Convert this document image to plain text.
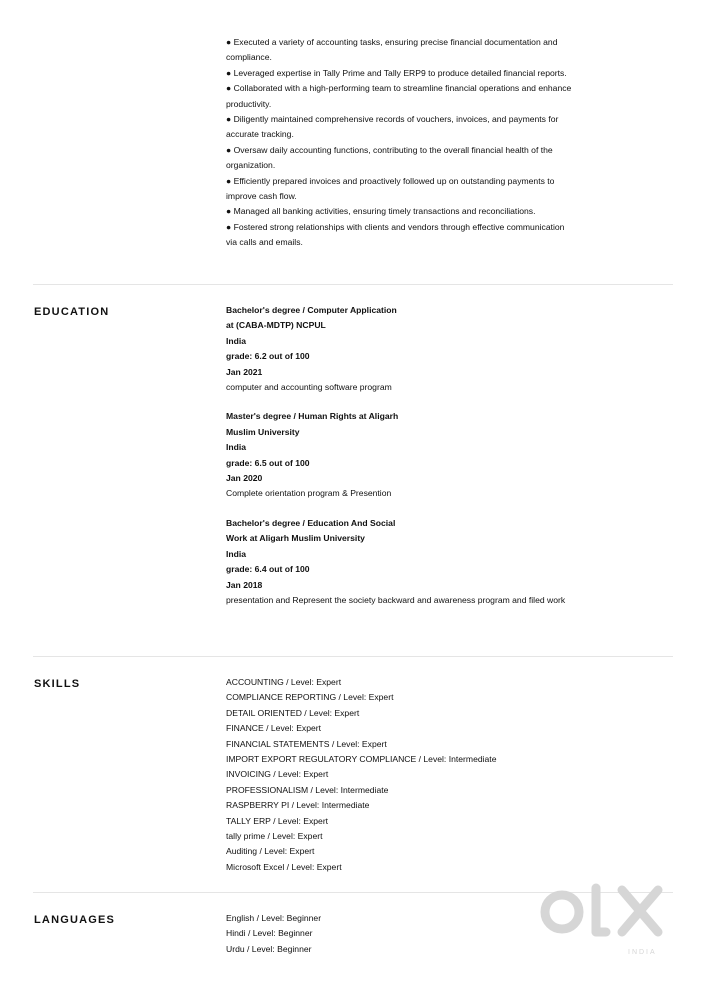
● Executed a variety of accounting tasks, ensuring precise financial documentation and

compliance.

● Leveraged expertise in Tally Prime and Tally ERP9 to produce detailed financial reports.

● Collaborated with a high-performing team to streamline financial operations and enhance

productivity.

● Diligently maintained comprehensive records of vouchers, invoices, and payments for

accurate tracking.

● Oversaw daily accounting functions, contributing to the overall financial health of the

organization.

● Efficiently prepared invoices and proactively followed up on outstanding payments to

improve cash flow.

● Managed all banking activities, ensuring timely transactions and reconciliations.

● Fostered strong relationships with clients and vendors through effective communication

via calls and emails.

EDUCATION	Bachelor's degree / Computer Application

at (CABA-MDTP) NCPUL

India

grade: 6.2 out of 100

Jan 2021

computer and accounting software program

Master's degree / Human Rights at Aligarh

Muslim University

India

grade: 6.5 out of 100

Jan 2020

Complete orientation program & Presention

Bachelor's degree / Education And Social

Work at Aligarh Muslim University

India

grade: 6.4 out of 100

Jan 2018

presentation and Represent the society backward and awareness program and filed work

SKILLS	ACCOUNTING / Level: Expert

COMPLIANCE REPORTING / Level: Expert

DETAIL ORIENTED / Level: Expert

FINANCE / Level: Expert

FINANCIAL STATEMENTS / Level: Expert

IMPORT EXPORT REGULATORY COMPLIANCE / Level: Intermediate

INVOICING / Level: Expert

PROFESSIONALISM / Level: Intermediate

RASPBERRY PI / Level: Intermediate

TALLY ERP / Level: Expert

tally prime / Level: Expert

Auditing / Level: Expert

Microsoft Excel / Level: Expert

LANGUAGES	English / Level: Beginner

Hindi / Level: Beginner

Urdu / Level: Beginner	INDIA
